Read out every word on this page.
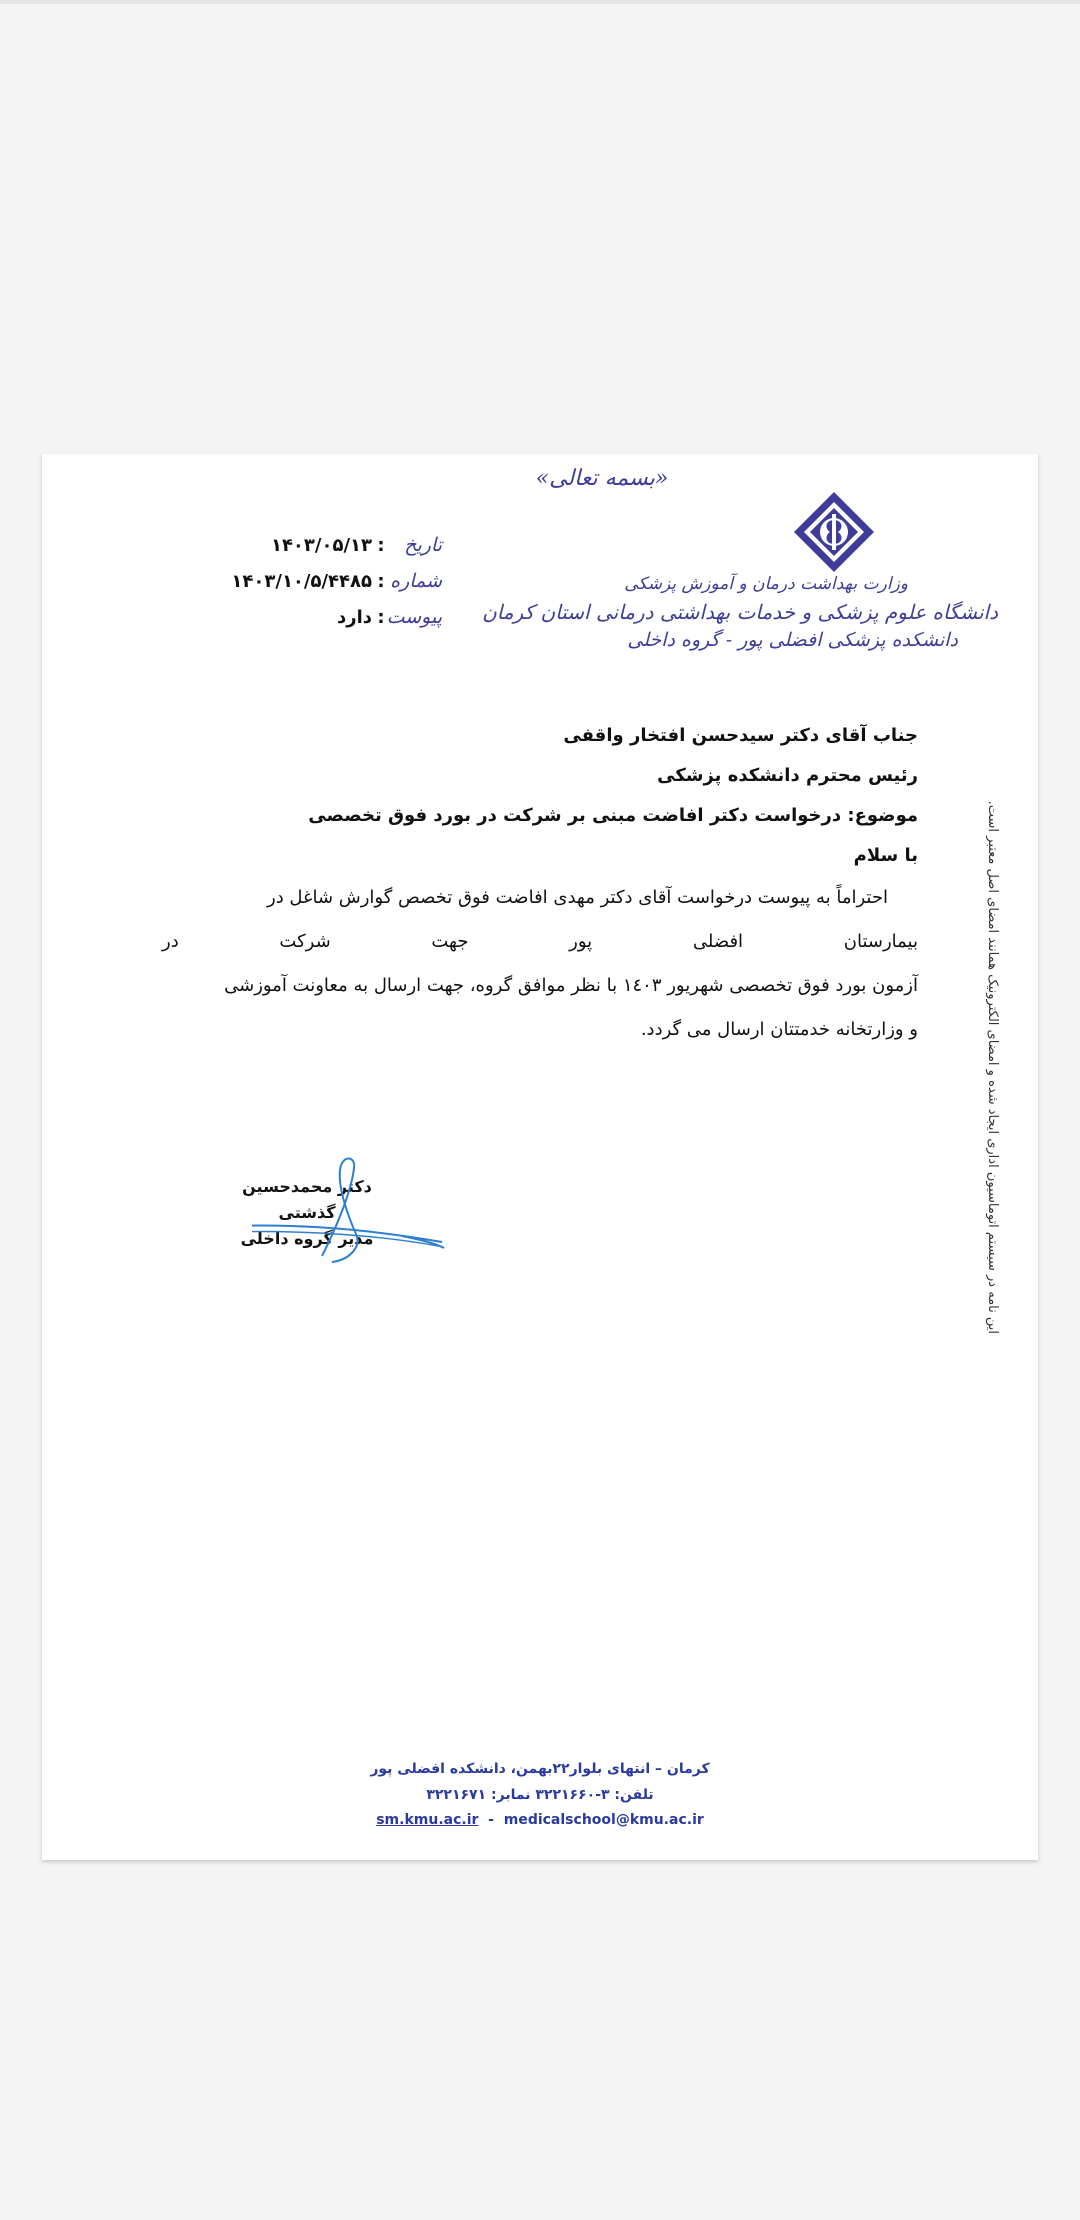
«بسمه تعالی»
وزارت بهداشت درمان و آموزش پزشکی
دانشگاه علوم پزشکی و خدمات بهداشتی درمانی استان کرمان
دانشکده پزشکی افضلی پور - گروه داخلی
تاریخ:۱۴۰۳/۰۵/۱۳
شماره:۱۴۰۳/۱۰/۵/۴۴۸۵
پیوست:دارد
جناب آقای دکتر سیدحسن افتخار واقفی
رئیس محترم دانشکده پزشکی
موضوع: درخواست دکتر افاضت مبنی بر شرکت در بورد فوق تخصصی
با سلام
احتراماً به پیوست درخواست آقای دکتر مهدی افاضت فوق تخصص گوارش شاغل در
بیمارستان
افضلی
پور
جهت
شرکت
در
آزمون بورد فوق تخصصی شهریور ۱٤۰۳ با نظر موافق گروه، جهت ارسال به معاونت آموزشی
و وزارتخانه خدمتتان ارسال می گردد.
دکتر محمدحسین گذشتی
مدیر گروه داخلی	این نامه در سیستم اتوماسیون اداری ایجاد شده و امضای الکترونیک همانند امضای اصل معتبر است.
کرمان – انتهای بلوار۲۲بهمن، دانشکده افضلی پور
تلفن: ۳-۳۲۲۱۶۶۰ نمابر: ۳۲۲۱۶۷۱
sm.kmu.ac.ir - medicalschool@kmu.ac.ir
